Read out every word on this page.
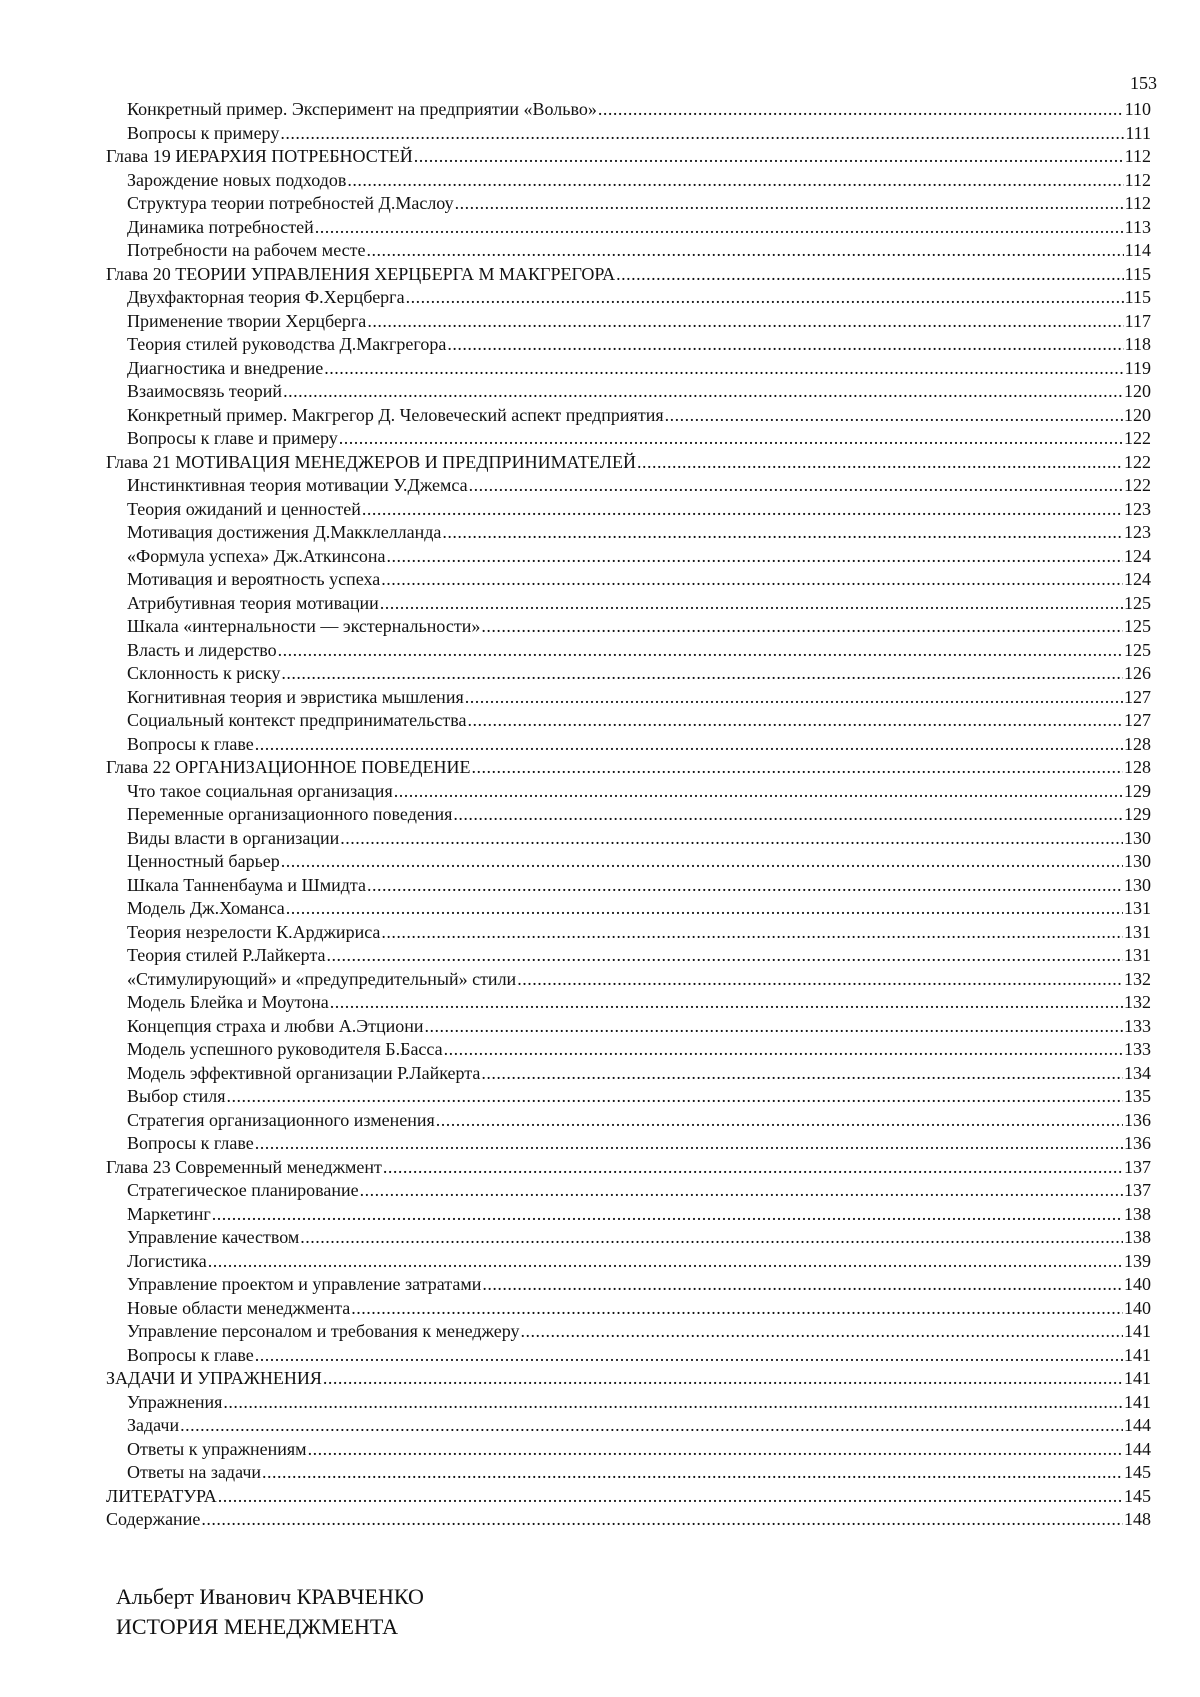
153
Конкретный пример. Эксперимент на предприятии «Вольво» .....	110
Вопросы к примеру .....	111
Глава 19 ИЕРАРХИЯ ПОТРЕБНОСТЕЙ .....	112
Зарождение новых подходов .....	112
Структура теории потребностей Д.Маслоу .....	112
Динамика потребностей .....	113
Потребности на рабочем месте .....	114
Глава 20 ТЕОРИИ УПРАВЛЕНИЯ ХЕРЦБЕРГА М МАКГРЕГОРА .....	115
Двухфакторная теория Ф.Херцберга .....	115
Применение твории Херцберга .....	117
Теория стилей руководства Д.Макгрегора .....	118
Диагностика и внедрение .....	119
Взаимосвязь теорий .....	120
Конкретный пример. Макгрегор Д. Человеческий аспект предприятия .....	120
Вопросы к главе и примеру .....	122
Глава 21 МОТИВАЦИЯ МЕНЕДЖЕРОВ И ПРЕДПРИНИМАТЕЛЕЙ .....	122
Инстинктивная теория мотивации У.Джемса .....	122
Теория ожиданий и ценностей .....	123
Мотивация достижения Д.Макклелланда .....	123
«Формула успеха» Дж.Аткинсона .....	124
Мотивация и вероятность успеха .....	124
Атрибутивная теория мотивации .....	125
Шкала «интернальности — экстернальности» .....	125
Власть и лидерство .....	125
Склонность к риску .....	126
Когнитивная теория и эвристика мышления .....	127
Социальный контекст предпринимательства .....	127
Вопросы к главе .....	128
Глава 22 ОРГАНИЗАЦИОННОЕ ПОВЕДЕНИЕ .....	128
Что такое социальная организация .....	129
Переменные организационного поведения .....	129
Виды власти в организации .....	130
Ценностный барьер .....	130
Шкала Танненбаума и Шмидта .....	130
Модель Дж.Хоманса .....	131
Теория незрелости К.Арджириса .....	131
Теория стилей Р.Лайкерта .....	131
«Стимулирующий» и «предупредительный» стили .....	132
Модель Блейка и Моутона .....	132
Концепция страха и любви А.Этциони .....	133
Модель успешного руководителя Б.Басса .....	133
Модель эффективной организации Р.Лайкерта .....	134
Выбор стиля .....	135
Стратегия организационного изменения .....	136
Вопросы к главе .....	136
Глава 23 Современный менеджмент .....	137
Стратегическое планирование .....	137
Маркетинг .....	138
Управление качеством .....	138
Логистика .....	139
Управление проектом и управление затратами .....	140
Новые области менеджмента .....	140
Управление персоналом и требования к менеджеру .....	141
Вопросы к главе .....	141
ЗАДАЧИ И УПРАЖНЕНИЯ .....	141
Упражнения .....	141
Задачи .....	144
Ответы к упражнениям .....	144
Ответы на задачи .....	145
ЛИТЕРАТУРА .....	145
Содержание .....	148
Альберт Иванович КРАВЧЕНКО
ИСТОРИЯ МЕНЕДЖМЕНТА
